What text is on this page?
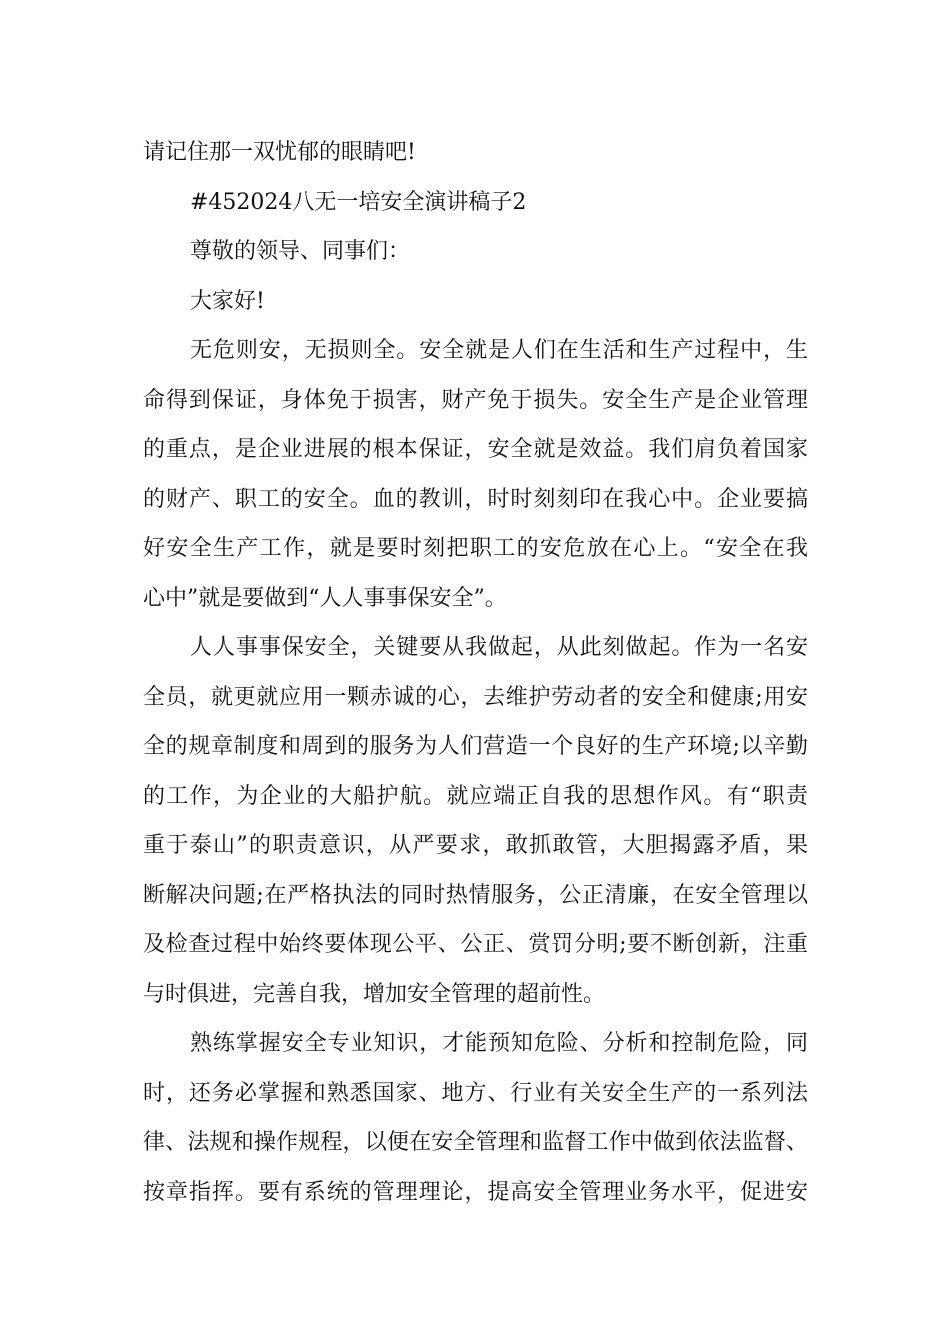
请记住那一双忧郁的眼睛吧!
#452024八无一培安全演讲稿子2
尊敬的领导、同事们：
大家好!
无危则安，无损则全。安全就是人们在生活和生产过程中，生
命得到保证，身体免于损害，财产免于损失。安全生产是企业管理
的重点，是企业进展的根本保证，安全就是效益。我们肩负着国家
的财产、职工的安全。血的教训，时时刻刻印在我心中。企业要搞
好安全生产工作，就是要时刻把职工的安危放在心上。“安全在我
心中”就是要做到“人人事事保安全”。
人人事事保安全，关键要从我做起，从此刻做起。作为一名安
全员，就更就应用一颗赤诚的心，去维护劳动者的安全和健康;用安
全的规章制度和周到的服务为人们营造一个良好的生产环境;以辛勤
的工作，为企业的大船护航。就应端正自我的思想作风。有“职责
重于泰山”的职责意识，从严要求，敢抓敢管，大胆揭露矛盾，果
断解决问题;在严格执法的同时热情服务，公正清廉，在安全管理以
及检查过程中始终要体现公平、公正、赏罚分明;要不断创新，注重
与时俱进，完善自我，增加安全管理的超前性。
熟练掌握安全专业知识，才能预知危险、分析和控制危险，同
时，还务必掌握和熟悉国家、地方、行业有关安全生产的一系列法
律、法规和操作规程，以便在安全管理和监督工作中做到依法监督、
按章指挥。要有系统的管理理论，提高安全管理业务水平，促进安
